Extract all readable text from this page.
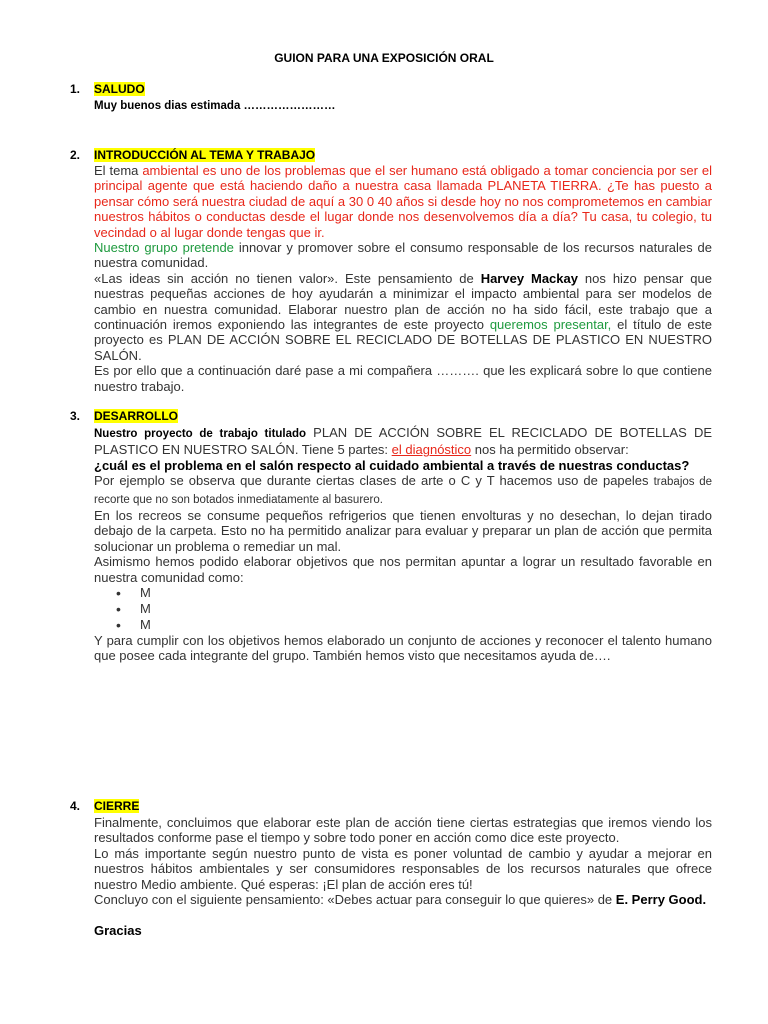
GUION PARA UNA EXPOSICIÓN ORAL
1. SALUDO

Muy buenos dias estimada ……………………

2. INTRODUCCIÓN AL TEMA Y TRABAJO

El tema ambiental es uno de los problemas que el ser humano está obligado a tomar conciencia por ser el principal agente que está haciendo daño a nuestra casa llamada PLANETA TIERRA. ¿Te has puesto a pensar cómo será nuestra ciudad de aquí a 30 0 40 años si desde hoy no nos comprometemos en cambiar nuestros hábitos o conductas desde el lugar donde nos desenvolvemos día a día? Tu casa, tu colegio, tu vecindad o al lugar donde tengas que ir.

Nuestro grupo pretende innovar y promover sobre el consumo responsable de los recursos naturales de nuestra comunidad.

«Las ideas sin acción no tienen valor». Este pensamiento de Harvey Mackay nos hizo pensar que nuestras pequeñas acciones de hoy ayudarán a minimizar el impacto ambiental para ser modelos de cambio en nuestra comunidad. Elaborar nuestro plan de acción no ha sido fácil, este trabajo que a continuación iremos exponiendo las integrantes de este proyecto queremos presentar, el título de este proyecto es PLAN DE ACCIÓN SOBRE EL RECICLADO DE BOTELLAS DE PLASTICO EN NUESTRO SALÓN.

Es por ello que a continuación daré pase a mi compañera ………. que les explicará sobre lo que contiene nuestro trabajo.

3. DESARROLLO

Nuestro proyecto de trabajo titulado PLAN DE ACCIÓN SOBRE EL RECICLADO DE BOTELLAS DE PLASTICO EN NUESTRO SALÓN. Tiene 5 partes: el diagnóstico nos ha permitido observar:

¿cuál es el problema en el salón respecto al cuidado ambiental a través de nuestras conductas?

Por ejemplo se observa que durante ciertas clases de arte o C y T hacemos uso de papeles trabajos de recorte que no son botados inmediatamente al basurero.

En los recreos se consume pequeños refrigerios que tienen envolturas y no desechan, lo dejan tirado debajo de la carpeta. Esto no ha permitido analizar para evaluar y preparar un plan de acción que permita solucionar un problema o remediar un mal.

Asimismo hemos podido elaborar objetivos que nos permitan apuntar a lograr un resultado favorable en nuestra comunidad como:

• M
• M
• M

Y para cumplir con los objetivos hemos elaborado un conjunto de acciones y reconocer el talento humano que posee cada integrante del grupo. También hemos visto que necesitamos ayuda de….

4. CIERRE

Finalmente, concluimos que elaborar este plan de acción tiene ciertas estrategias que iremos viendo los resultados conforme pase el tiempo y sobre todo poner en acción como dice este proyecto.

Lo más importante según nuestro punto de vista es poner voluntad de cambio y ayudar a mejorar en nuestros hábitos ambientales y ser consumidores responsables de los recursos naturales que ofrece nuestro Medio ambiente. Qué esperas: ¡El plan de acción eres tú!

Concluyo con el siguiente pensamiento: «Debes actuar para conseguir lo que quieres» de E. Perry Good.

Gracias
